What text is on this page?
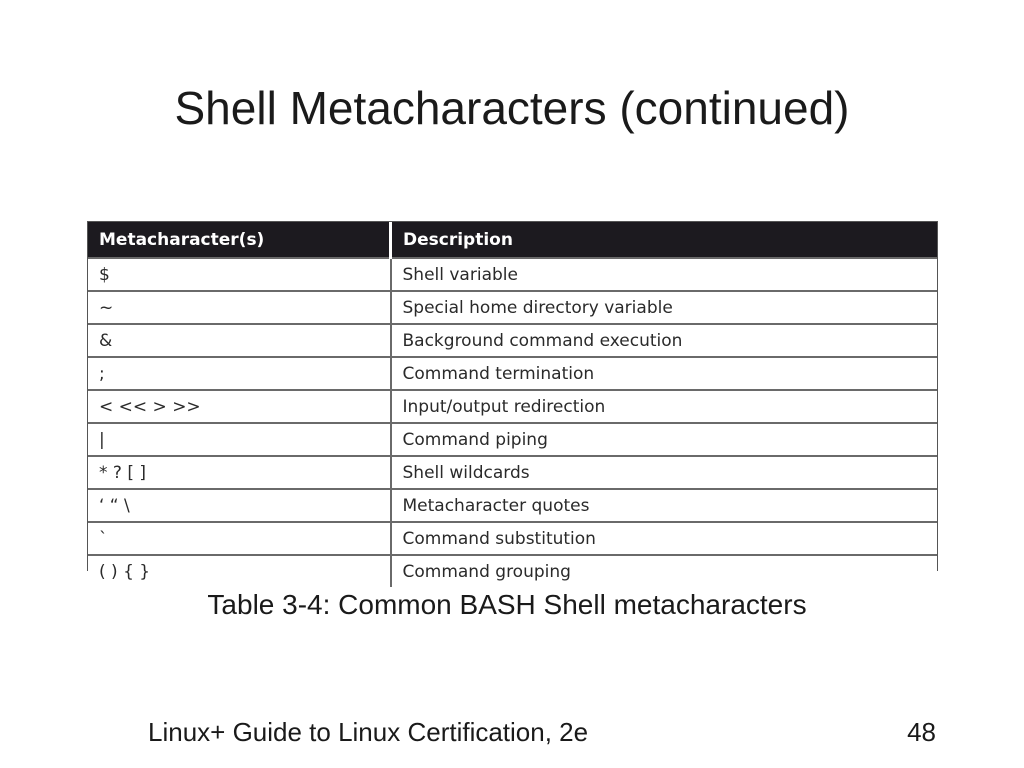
Shell Metacharacters (continued)
Metacharacter(s)	Description
$	Shell variable
~	Special home directory variable
&	Background command execution
;	Command termination
< << > >>	Input/output redirection
|	Command piping
* ? [ ]	Shell wildcards
‘ “ \	Metacharacter quotes
`	Command substitution
( ) { }	Command grouping
Table 3-4: Common BASH Shell metacharacters
Linux+ Guide to Linux Certification, 2e	48
